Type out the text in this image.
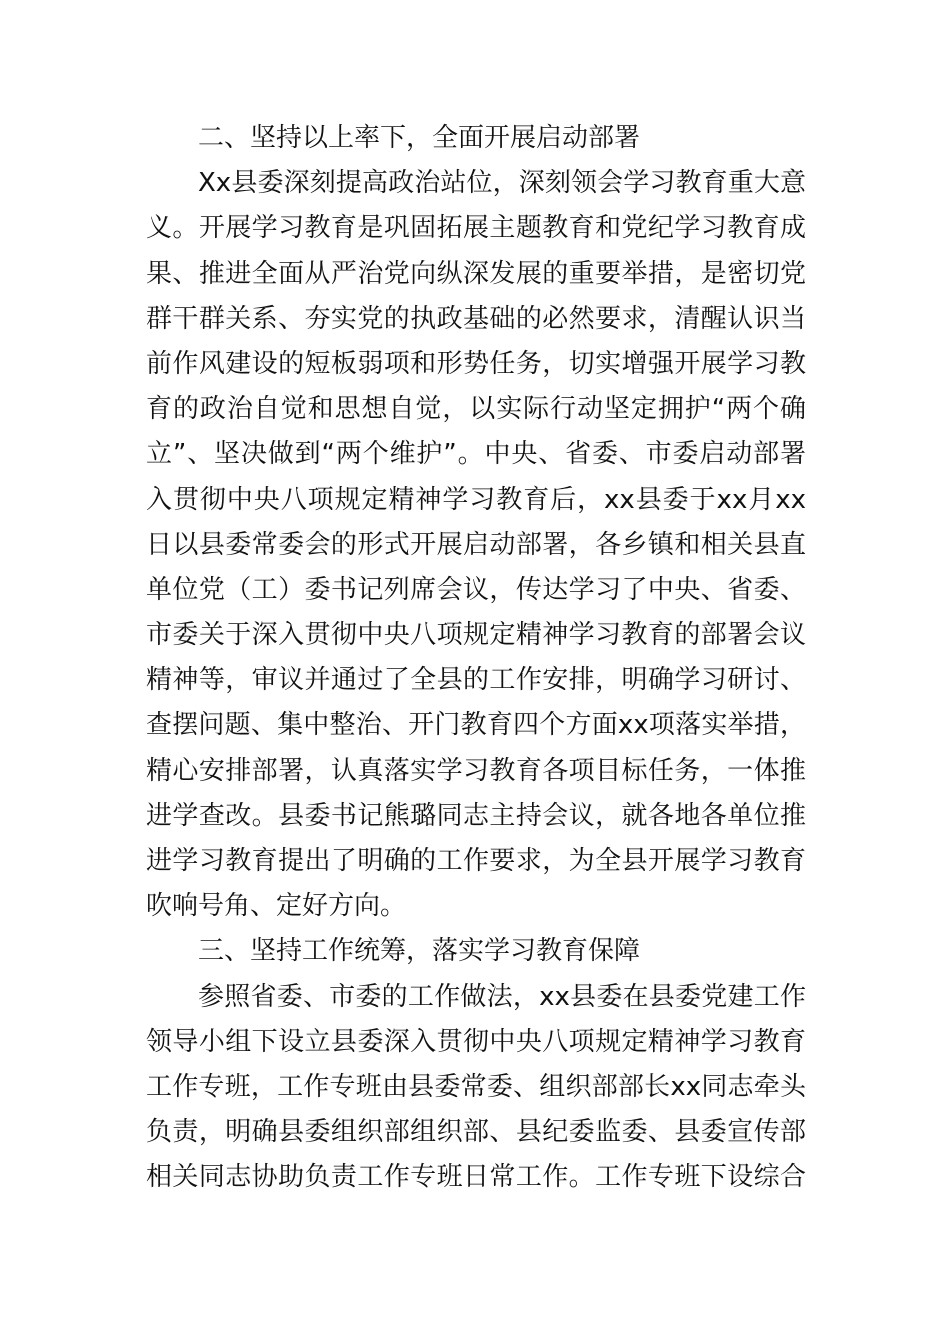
二、坚持以上率下，全面开展启动部署
Xx县委深刻提高政治站位，深刻领会学习教育重大意
义。开展学习教育是巩固拓展主题教育和党纪学习教育成
果、推进全面从严治党向纵深发展的重要举措，是密切党
群干群关系、夯实党的执政基础的必然要求，清醒认识当
前作风建设的短板弱项和形势任务，切实增强开展学习教
育的政治自觉和思想自觉，以实际行动坚定拥护“两个确
立”、坚决做到“两个维护”。中央、省委、市委启动部署
入贯彻中央八项规定精神学习教育后，xx县委于xx月xx
日以县委常委会的形式开展启动部署，各乡镇和相关县直
单位党（工）委书记列席会议，传达学习了中央、省委、
市委关于深入贯彻中央八项规定精神学习教育的部署会议
精神等，审议并通过了全县的工作安排，明确学习研讨、
查摆问题、集中整治、开门教育四个方面xx项落实举措，
精心安排部署，认真落实学习教育各项目标任务，一体推
进学查改。县委书记熊璐同志主持会议，就各地各单位推
进学习教育提出了明确的工作要求，为全县开展学习教育
吹响号角、定好方向。
三、坚持工作统筹，落实学习教育保障
参照省委、市委的工作做法，xx县委在县委党建工作
领导小组下设立县委深入贯彻中央八项规定精神学习教育
工作专班，工作专班由县委常委、组织部部长xx同志牵头
负责，明确县委组织部组织部、县纪委监委、县委宣传部
相关同志协助负责工作专班日常工作。工作专班下设综合
